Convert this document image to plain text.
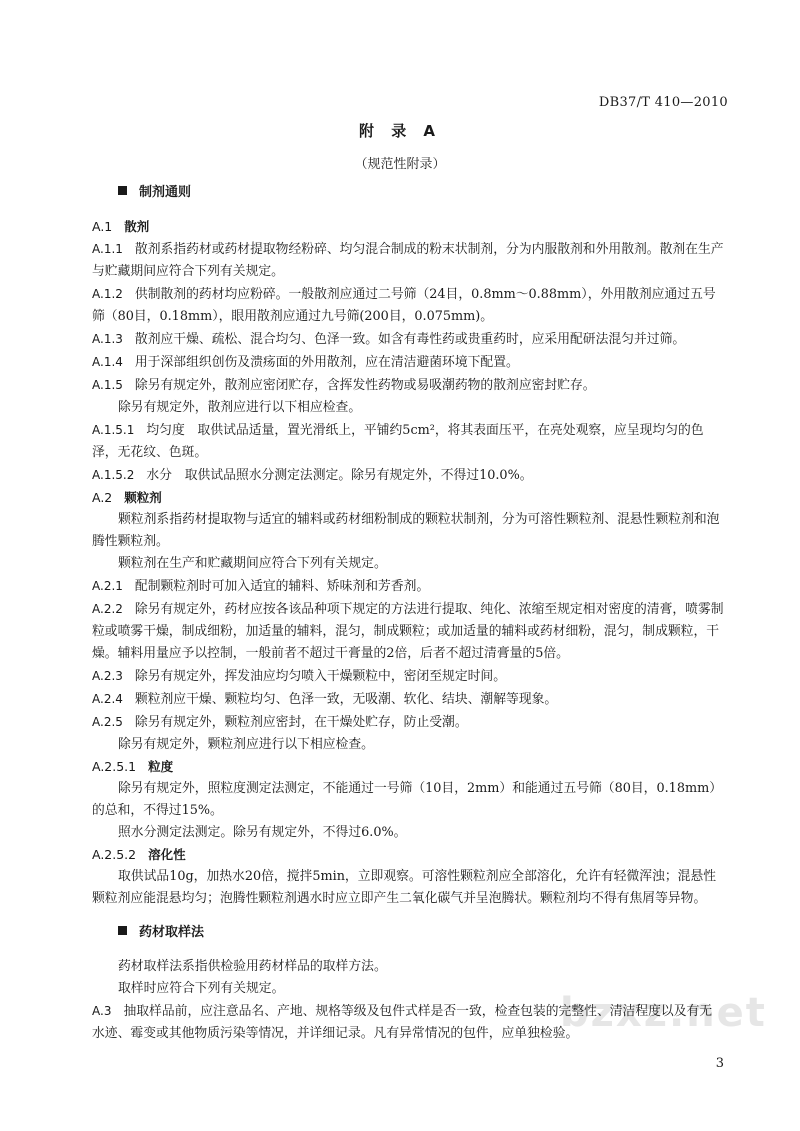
DB37/T 410—2010
附 录 A
（规范性附录）
bzxz.net
制剂通则
A.1 散剂

A.1.1 散剂系指药材或药材提取物经粉碎、均匀混合制成的粉末状制剂，分为内服散剂和外用散剂。散剂在生产与贮藏期间应符合下列有关规定。

A.1.2 供制散剂的药材均应粉碎。一般散剂应通过二号筛（24目，0.8mm～0.88mm），外用散剂应通过五号筛（80目，0.18mm），眼用散剂应通过九号筛(200目，0.075mm)。

A.1.3 散剂应干燥、疏松、混合均匀、色泽一致。如含有毒性药或贵重药时，应采用配研法混匀并过筛。

A.1.4 用于深部组织创伤及溃疡面的外用散剂，应在清洁避菌环境下配置。

A.1.5 除另有规定外，散剂应密闭贮存，含挥发性药物或易吸潮药物的散剂应密封贮存。

除另有规定外，散剂应进行以下相应检查。

A.1.5.1 均匀度　取供试品适量，置光滑纸上，平铺约5cm²，将其表面压平，在亮处观察，应呈现均匀的色泽，无花纹、色斑。

A.1.5.2 水分　取供试品照水分测定法测定。除另有规定外，不得过10.0%。

A.2 颗粒剂

颗粒剂系指药材提取物与适宜的辅料或药材细粉制成的颗粒状制剂，分为可溶性颗粒剂、混悬性颗粒剂和泡腾性颗粒剂。

颗粒剂在生产和贮藏期间应符合下列有关规定。

A.2.1 配制颗粒剂时可加入适宜的辅料、矫味剂和芳香剂。

A.2.2 除另有规定外，药材应按各该品种项下规定的方法进行提取、纯化、浓缩至规定相对密度的清膏，喷雾制粒或喷雾干燥，制成细粉，加适量的辅料，混匀，制成颗粒；或加适量的辅料或药材细粉，混匀，制成颗粒，干燥。辅料用量应予以控制，一般前者不超过干膏量的2倍，后者不超过清膏量的5倍。

A.2.3 除另有规定外，挥发油应均匀喷入干燥颗粒中，密闭至规定时间。

A.2.4 颗粒剂应干燥、颗粒均匀、色泽一致，无吸潮、软化、结块、潮解等现象。

A.2.5 除另有规定外，颗粒剂应密封，在干燥处贮存，防止受潮。

除另有规定外，颗粒剂应进行以下相应检查。

A.2.5.1 粒度

除另有规定外，照粒度测定法测定，不能通过一号筛（10目，2mm）和能通过五号筛（80目，0.18mm）的总和，不得过15%。

照水分测定法测定。除另有规定外，不得过6.0%。

A.2.5.2 溶化性

取供试品10g，加热水20倍，搅拌5min，立即观察。可溶性颗粒剂应全部溶化，允许有轻微浑浊；混悬性颗粒剂应能混悬均匀；泡腾性颗粒剂遇水时应立即产生二氧化碳气并呈泡腾状。颗粒剂均不得有焦屑等异物。

药材取样法

药材取样法系指供检验用药材样品的取样方法。

取样时应符合下列有关规定。

A.3 抽取样品前，应注意品名、产地、规格等级及包件式样是否一致，检查包装的完整性、清洁程度以及有无水迹、霉变或其他物质污染等情况，并详细记录。凡有异常情况的包件，应单独检验。

3
